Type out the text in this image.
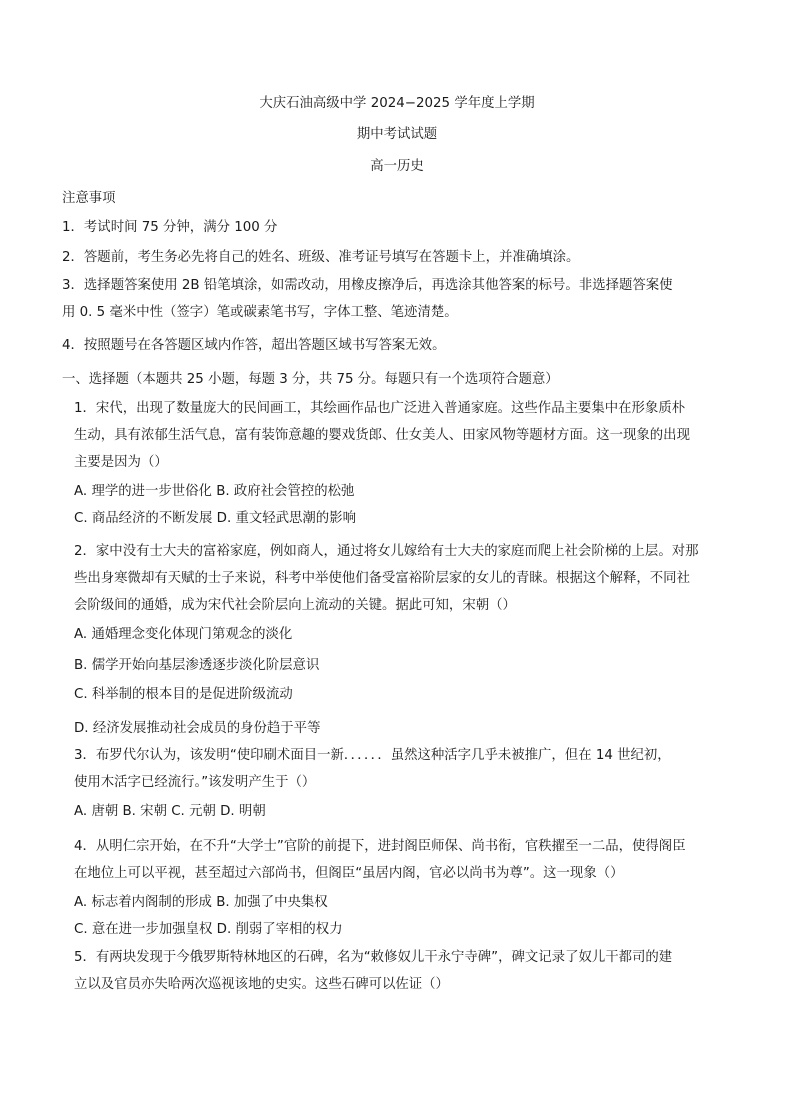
大庆石油高级中学 2024−2025 学年度上学期
期中考试试题
高一历史
注意事项
1．考试时间 75 分钟，满分 100 分
2．答题前，考生务必先将自己的姓名、班级、准考证号填写在答题卡上，并准确填涂。
3．选择题答案使用 2B 铅笔填涂，如需改动，用橡皮擦净后，再选涂其他答案的标号。非选择题答案使
用 0. 5 毫米中性（签字）笔或碳素笔书写，字体工整、笔迹清楚。
4．按照题号在各答题区域内作答，超出答题区域书写答案无效。
一、选择题（本题共 25 小题，每题 3 分，共 75 分。每题只有一个选项符合题意）
1．宋代，出现了数量庞大的民间画工，其绘画作品也广泛进入普通家庭。这些作品主要集中在形象质朴
生动，具有浓郁生活气息，富有装饰意趣的婴戏货郎、仕女美人、田家风物等题材方面。这一现象的出现
主要是因为（）
A. 理学的进一步世俗化 B. 政府社会管控的松弛
C. 商品经济的不断发展 D. 重文轻武思潮的影响
2．家中没有士大夫的富裕家庭，例如商人，通过将女儿嫁给有士大夫的家庭而爬上社会阶梯的上层。对那
些出身寒微却有天赋的士子来说，科考中举使他们备受富裕阶层家的女儿的青睐。根据这个解释，不同社
会阶级间的通婚，成为宋代社会阶层向上流动的关键。据此可知，宋朝（）
A. 通婚理念变化体现门第观念的淡化
B. 儒学开始向基层渗透逐步淡化阶层意识
C. 科举制的根本目的是促进阶级流动
D. 经济发展推动社会成员的身份趋于平等
3．布罗代尔认为，该发明“使印刷术面目一新．．．．．．虽然这种活字几乎未被推广，但在 14 世纪初，
使用木活字已经流行。”该发明产生于（）
A. 唐朝 B. 宋朝 C. 元朝 D. 明朝
4．从明仁宗开始，在不升“大学士”官阶的前提下，进封阁臣师保、尚书衔，官秩擢至一二品，使得阁臣
在地位上可以平视，甚至超过六部尚书，但阁臣“虽居内阁，官必以尚书为尊”。这一现象（）
A. 标志着内阁制的形成 B. 加强了中央集权
C. 意在进一步加强皇权 D. 削弱了宰相的权力
5．有两块发现于今俄罗斯特林地区的石碑，名为“敕修奴儿干永宁寺碑”，碑文记录了奴儿干都司的建
立以及官员亦失哈两次巡视该地的史实。这些石碑可以佐证（）
